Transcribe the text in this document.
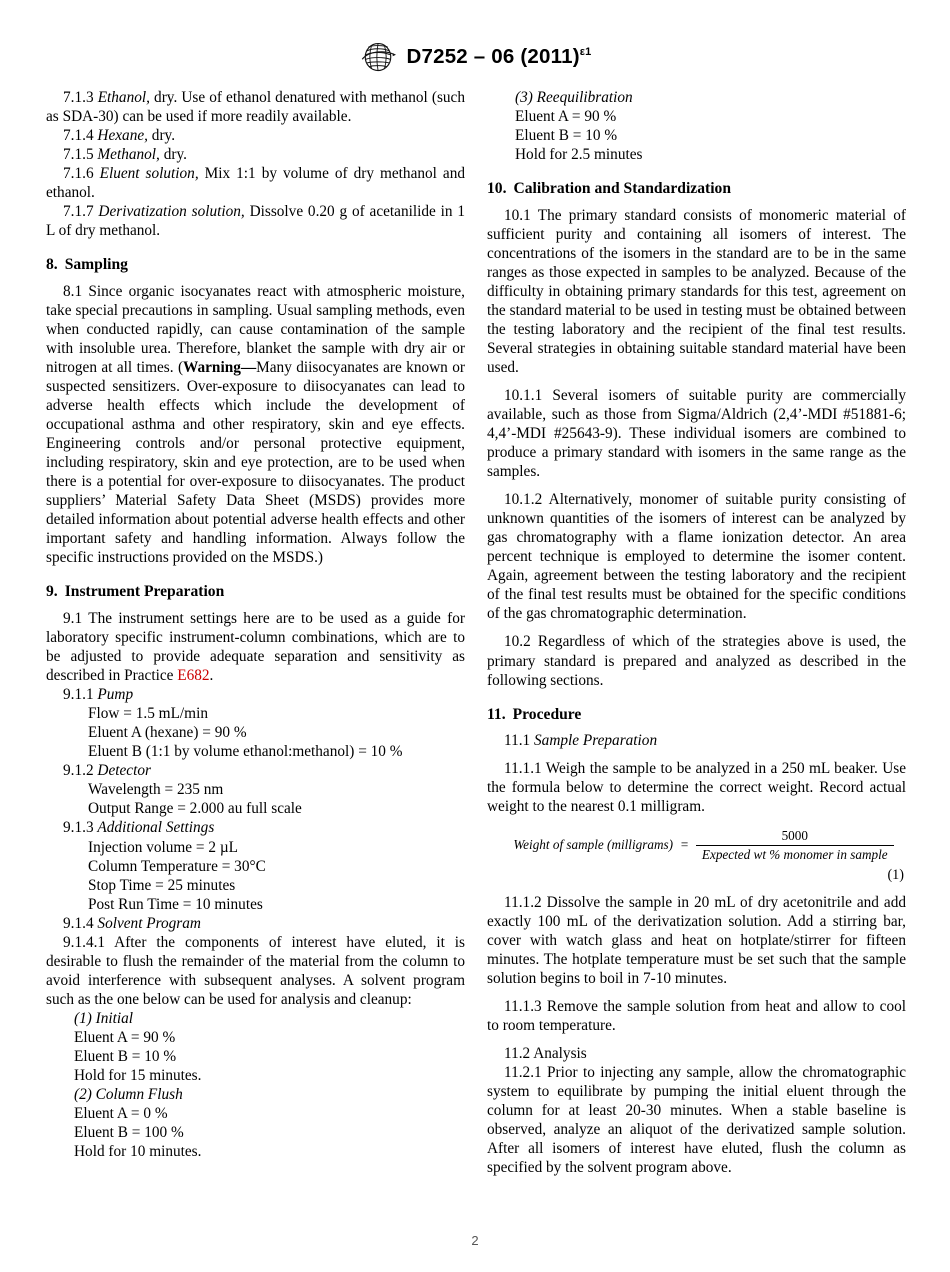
D7252 – 06 $(2011)^{\varepsilon 1}$

7.1.3 Ethanol, dry. Use of ethanol denatured with methanol (such as SDA-30) can be used if more readily available.

7.1.4 Hexane, dry.

7.1.5 Methanol, dry.

7.1.6 Eluent solution, Mix 1:1 by volume of dry methanol and ethanol.

7.1.7 Derivatization solution, Dissolve 0.20 g of acetanilide in 1 L of dry methanol.

8. Sampling

8.1 Since organic isocyanates react with atmospheric moisture, take special precautions in sampling. Usual sampling methods, even when conducted rapidly, can cause contamination of the sample with insoluble urea. Therefore, blanket the sample with dry air or nitrogen at all times. (Warning—Many diisocyanates are known or suspected sensitizers. Over-exposure to diisocyanates can lead to adverse health effects which include the development of occupational asthma and other respiratory, skin and eye effects. Engineering controls and/or personal protective equipment, including respiratory, skin and eye protection, are to be used when there is a potential for over-exposure to diisocyanates. The product suppliers’ Material Safety Data Sheet (MSDS) provides more detailed information about potential adverse health effects and other important safety and handling information. Always follow the specific instructions provided on the MSDS.)

9. Instrument Preparation

9.1 The instrument settings here are to be used as a guide for laboratory specific instrument-column combinations, which are to be adjusted to provide adequate separation and sensitivity as described in Practice E682.

9.1.1 Pump

Flow = 1.5 mL/min

Eluent A (hexane) = 90 %

Eluent B (1:1 by volume ethanol:methanol) = 10 %

9.1.2 Detector

Wavelength = 235 nm

Output Range = 2.000 au full scale

9.1.3 Additional Settings

Injection volume = 2 µL

Column Temperature = 30°C

Stop Time = 25 minutes

Post Run Time = 10 minutes

9.1.4 Solvent Program

9.1.4.1 After the components of interest have eluted, it is desirable to flush the remainder of the material from the column to avoid interference with subsequent analyses. A solvent program such as the one below can be used for analysis and cleanup:

(1) Initial

Eluent A = 90 %

Eluent B = 10 %

Hold for 15 minutes.

(2) Column Flush

Eluent A = 0 %

Eluent B = 100 %

Hold for 10 minutes.

(3) Reequilibration

Eluent A = 90 %

Eluent B = 10 %

Hold for 2.5 minutes

10. Calibration and Standardization

10.1 The primary standard consists of monomeric material of sufficient purity and containing all isomers of interest. The concentrations of the isomers in the standard are to be in the same ranges as those expected in samples to be analyzed. Because of the difficulty in obtaining primary standards for this test, agreement on the standard material to be used in testing must be obtained between the testing laboratory and the recipient of the final test results. Several strategies in obtaining suitable standard material have been used.

10.1.1 Several isomers of suitable purity are commercially available, such as those from Sigma/Aldrich (2,4’-MDI #51881-6; 4,4’-MDI #25643-9). These individual isomers are combined to produce a primary standard with isomers in the same range as the samples.

10.1.2 Alternatively, monomer of suitable purity consisting of unknown quantities of the isomers of interest can be analyzed by gas chromatography with a flame ionization detector. An area percent technique is employed to determine the isomer content. Again, agreement between the testing laboratory and the recipient of the final test results must be obtained for the specific conditions of the gas chromatographic determination.

10.2 Regardless of which of the strategies above is used, the primary standard is prepared and analyzed as described in the following sections.

11. Procedure

11.1 Sample Preparation

11.1.1 Weigh the sample to be analyzed in a 250 mL beaker. Use the formula below to determine the correct weight. Record actual weight to the nearest 0.1 milligram.

Weight of sample (milligrams) = $\frac{5000}{\text{Expected wt \% monomer in sample}}$
(1)

11.1.2 Dissolve the sample in 20 mL of dry acetonitrile and add exactly 100 mL of the derivatization solution. Add a stirring bar, cover with watch glass and heat on hotplate/stirrer for fifteen minutes. The hotplate temperature must be set such that the sample solution begins to boil in 7-10 minutes.

11.1.3 Remove the sample solution from heat and allow to cool to room temperature.

11.2 Analysis

11.2.1 Prior to injecting any sample, allow the chromatographic system to equilibrate by pumping the initial eluent through the column for at least 20-30 minutes. When a stable baseline is observed, analyze an aliquot of the derivatized sample solution. After all isomers of interest have eluted, flush the column as specified by the solvent program above.

2
